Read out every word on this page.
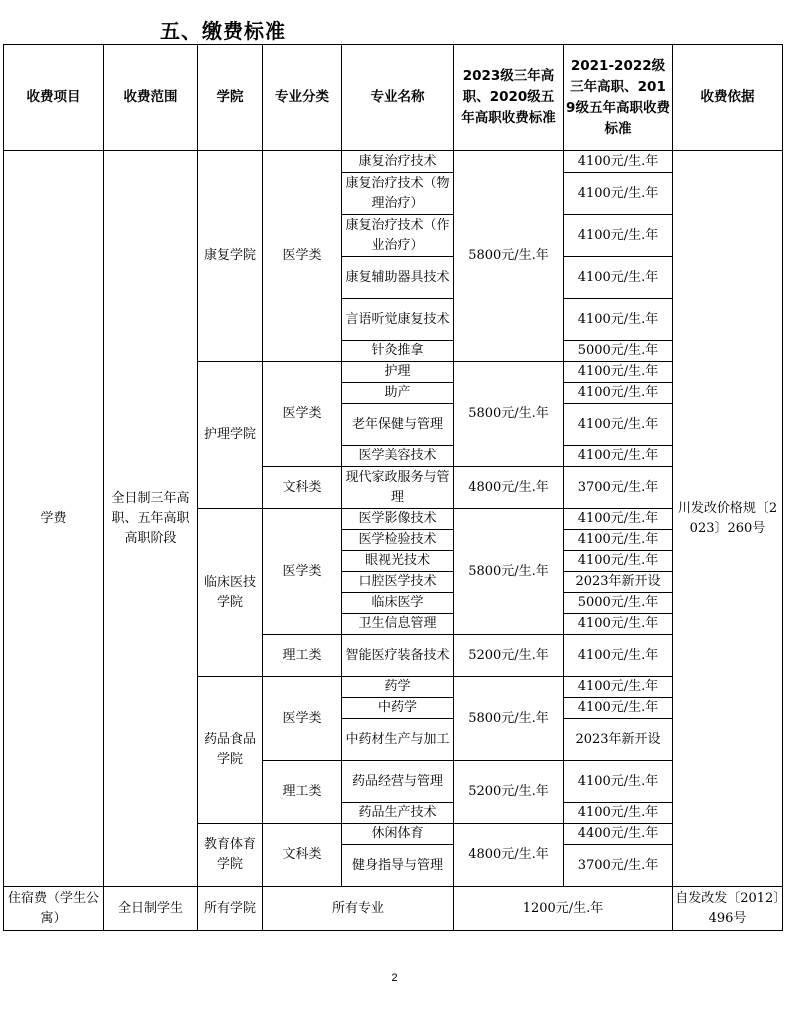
五、缴费标准
收费项目	收费范围	学院	专业分类	专业名称	2023级三年高职、2020级五年高职收费标准	2021-2022级三年高职、2019级五年高职收费标准	收费依据
学费	全日制三年高职、五年高职高职阶段	康复学院	医学类	康复治疗技术	5800元/生.年	4100元/生.年	川发改价格规〔2023〕260号
				康复治疗技术（物理治疗）		4100元/生.年	
				康复治疗技术（作业治疗）		4100元/生.年	
				康复辅助器具技术		4100元/生.年	
				言语听觉康复技术		4100元/生.年	
				针灸推拿		5000元/生.年	
		护理学院	医学类	护理	5800元/生.年	4100元/生.年	
				助产		4100元/生.年	
				老年保健与管理		4100元/生.年	
				医学美容技术		4100元/生.年	
			文科类	现代家政服务与管理	4800元/生.年	3700元/生.年	
		临床医技学院	医学类	医学影像技术	5800元/生.年	4100元/生.年	
				医学检验技术		4100元/生.年	
				眼视光技术		4100元/生.年	
				口腔医学技术		2023年新开设	
				临床医学		5000元/生.年	
				卫生信息管理		4100元/生.年	
			理工类	智能医疗装备技术	5200元/生.年	4100元/生.年	
		药品食品学院	医学类	药学	5800元/生.年	4100元/生.年	
				中药学		4100元/生.年	
				中药材生产与加工		2023年新开设	
			理工类	药品经营与管理	5200元/生.年	4100元/生.年	
				药品生产技术		4100元/生.年	
		教育体育学院	文科类	休闲体育	4800元/生.年	4400元/生.年	
				健身指导与管理		3700元/生.年	
住宿费（学生公寓）	全日制学生	所有学院	所有专业		1200元/生.年		自发改发〔2012〕496号
2
